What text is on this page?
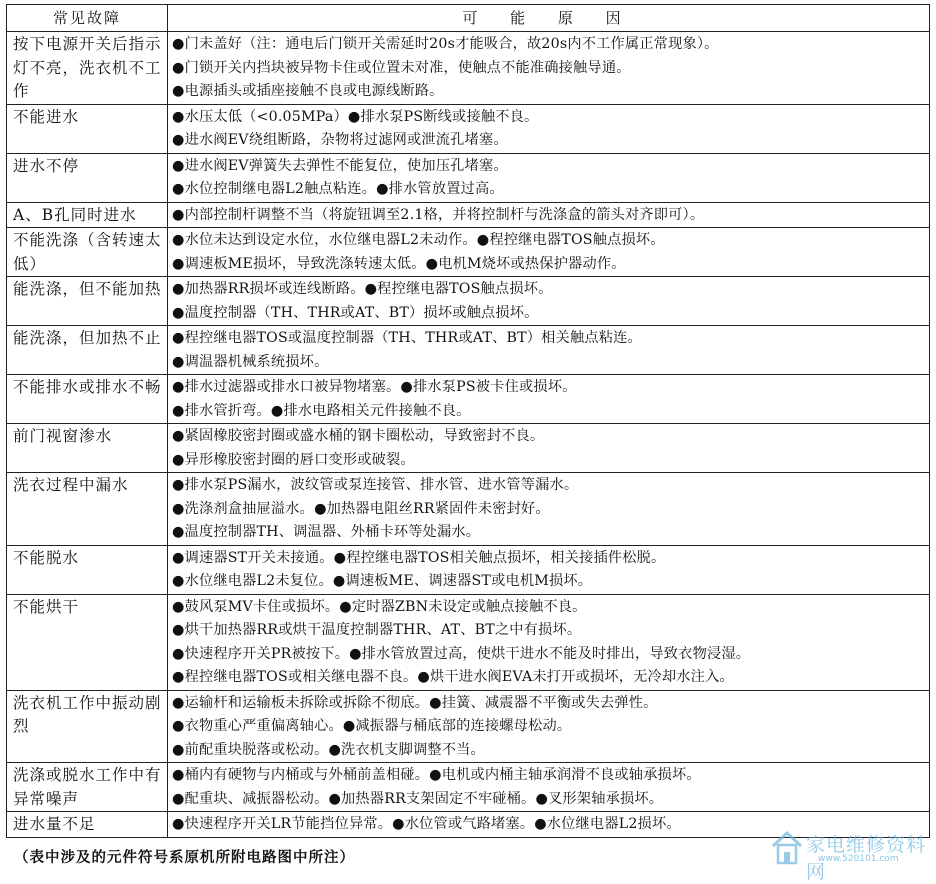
常见故障	可 能 原 因
按下电源开关后指示灯不亮，洗衣机不工作	●门未盖好（注：通电后门锁开关需延时20s才能吸合，故20s内不工作属正常现象）。
●门锁开关内挡块被异物卡住或位置未对准，使触点不能准确接触导通。
●电源插头或插座接触不良或电源线断路。

不能进水	●水压太低（<0.05MPa）●排水泵PS断线或接触不良。
●进水阀EV绕组断路，杂物将过滤网或泄流孔堵塞。

进水不停	●进水阀EV弹簧失去弹性不能复位，使加压孔堵塞。
●水位控制继电器L2触点粘连。●排水管放置过高。

A、B孔同时进水	●内部控制杆调整不当（将旋钮调至2.1格，并将控制杆与洗涤盒的箭头对齐即可）。

不能洗涤（含转速太低）	●水位未达到设定水位，水位继电器L2未动作。●程控继电器TOS触点损坏。
●调速板ME损坏，导致洗涤转速太低。●电机M烧坏或热保护器动作。

能洗涤，但不能加热	●加热器RR损坏或连线断路。●程控继电器TOS触点损坏。
●温度控制器（TH、THR或AT、BT）损坏或触点损坏。

能洗涤，但加热不止	●程控继电器TOS或温度控制器（TH、THR或AT、BT）相关触点粘连。
●调温器机械系统损坏。

不能排水或排水不畅	●排水过滤器或排水口被异物堵塞。●排水泵PS被卡住或损坏。
●排水管折弯。●排水电路相关元件接触不良。

前门视窗渗水	●紧固橡胶密封圈或盛水桶的钢卡圈松动，导致密封不良。
●异形橡胶密封圈的唇口变形或破裂。

洗衣过程中漏水	●排水泵PS漏水，波纹管或泵连接管、排水管、进水管等漏水。
●洗涤剂盒抽屉溢水。●加热器电阻丝RR紧固件未密封好。
●温度控制器TH、调温器、外桶卡环等处漏水。

不能脱水	●调速器ST开关未接通。●程控继电器TOS相关触点损坏，相关接插件松脱。
●水位继电器L2未复位。●调速板ME、调速器ST或电机M损坏。

不能烘干	●鼓风泵MV卡住或损坏。●定时器ZBN未设定或触点接触不良。
●烘干加热器RR或烘干温度控制器THR、AT、BT之中有损坏。
●快速程序开关PR被按下。●排水管放置过高，使烘干进水不能及时排出，导致衣物浸湿。
●程控继电器TOS或相关继电器不良。●烘干进水阀EVA未打开或损坏，无冷却水注入。

洗衣机工作中振动剧烈	●运输杆和运输板未拆除或拆除不彻底。●挂簧、减震器不平衡或失去弹性。
●衣物重心严重偏离轴心。●减振器与桶底部的连接螺母松动。
●前配重块脱落或松动。●洗衣机支脚调整不当。

洗涤或脱水工作中有异常噪声	●桶内有硬物与内桶或与外桶前盖相碰。●电机或内桶主轴承润滑不良或轴承损坏。
●配重块、减振器松动。●加热器RR支架固定不牢碰桶。●叉形架轴承损坏。

进水量不足	●快速程序开关LR节能挡位异常。●水位管或气路堵塞。●水位继电器L2损坏。
（表中涉及的元件符号系原机所附电路图中所注）
家电维修资料网
www.520101.com
